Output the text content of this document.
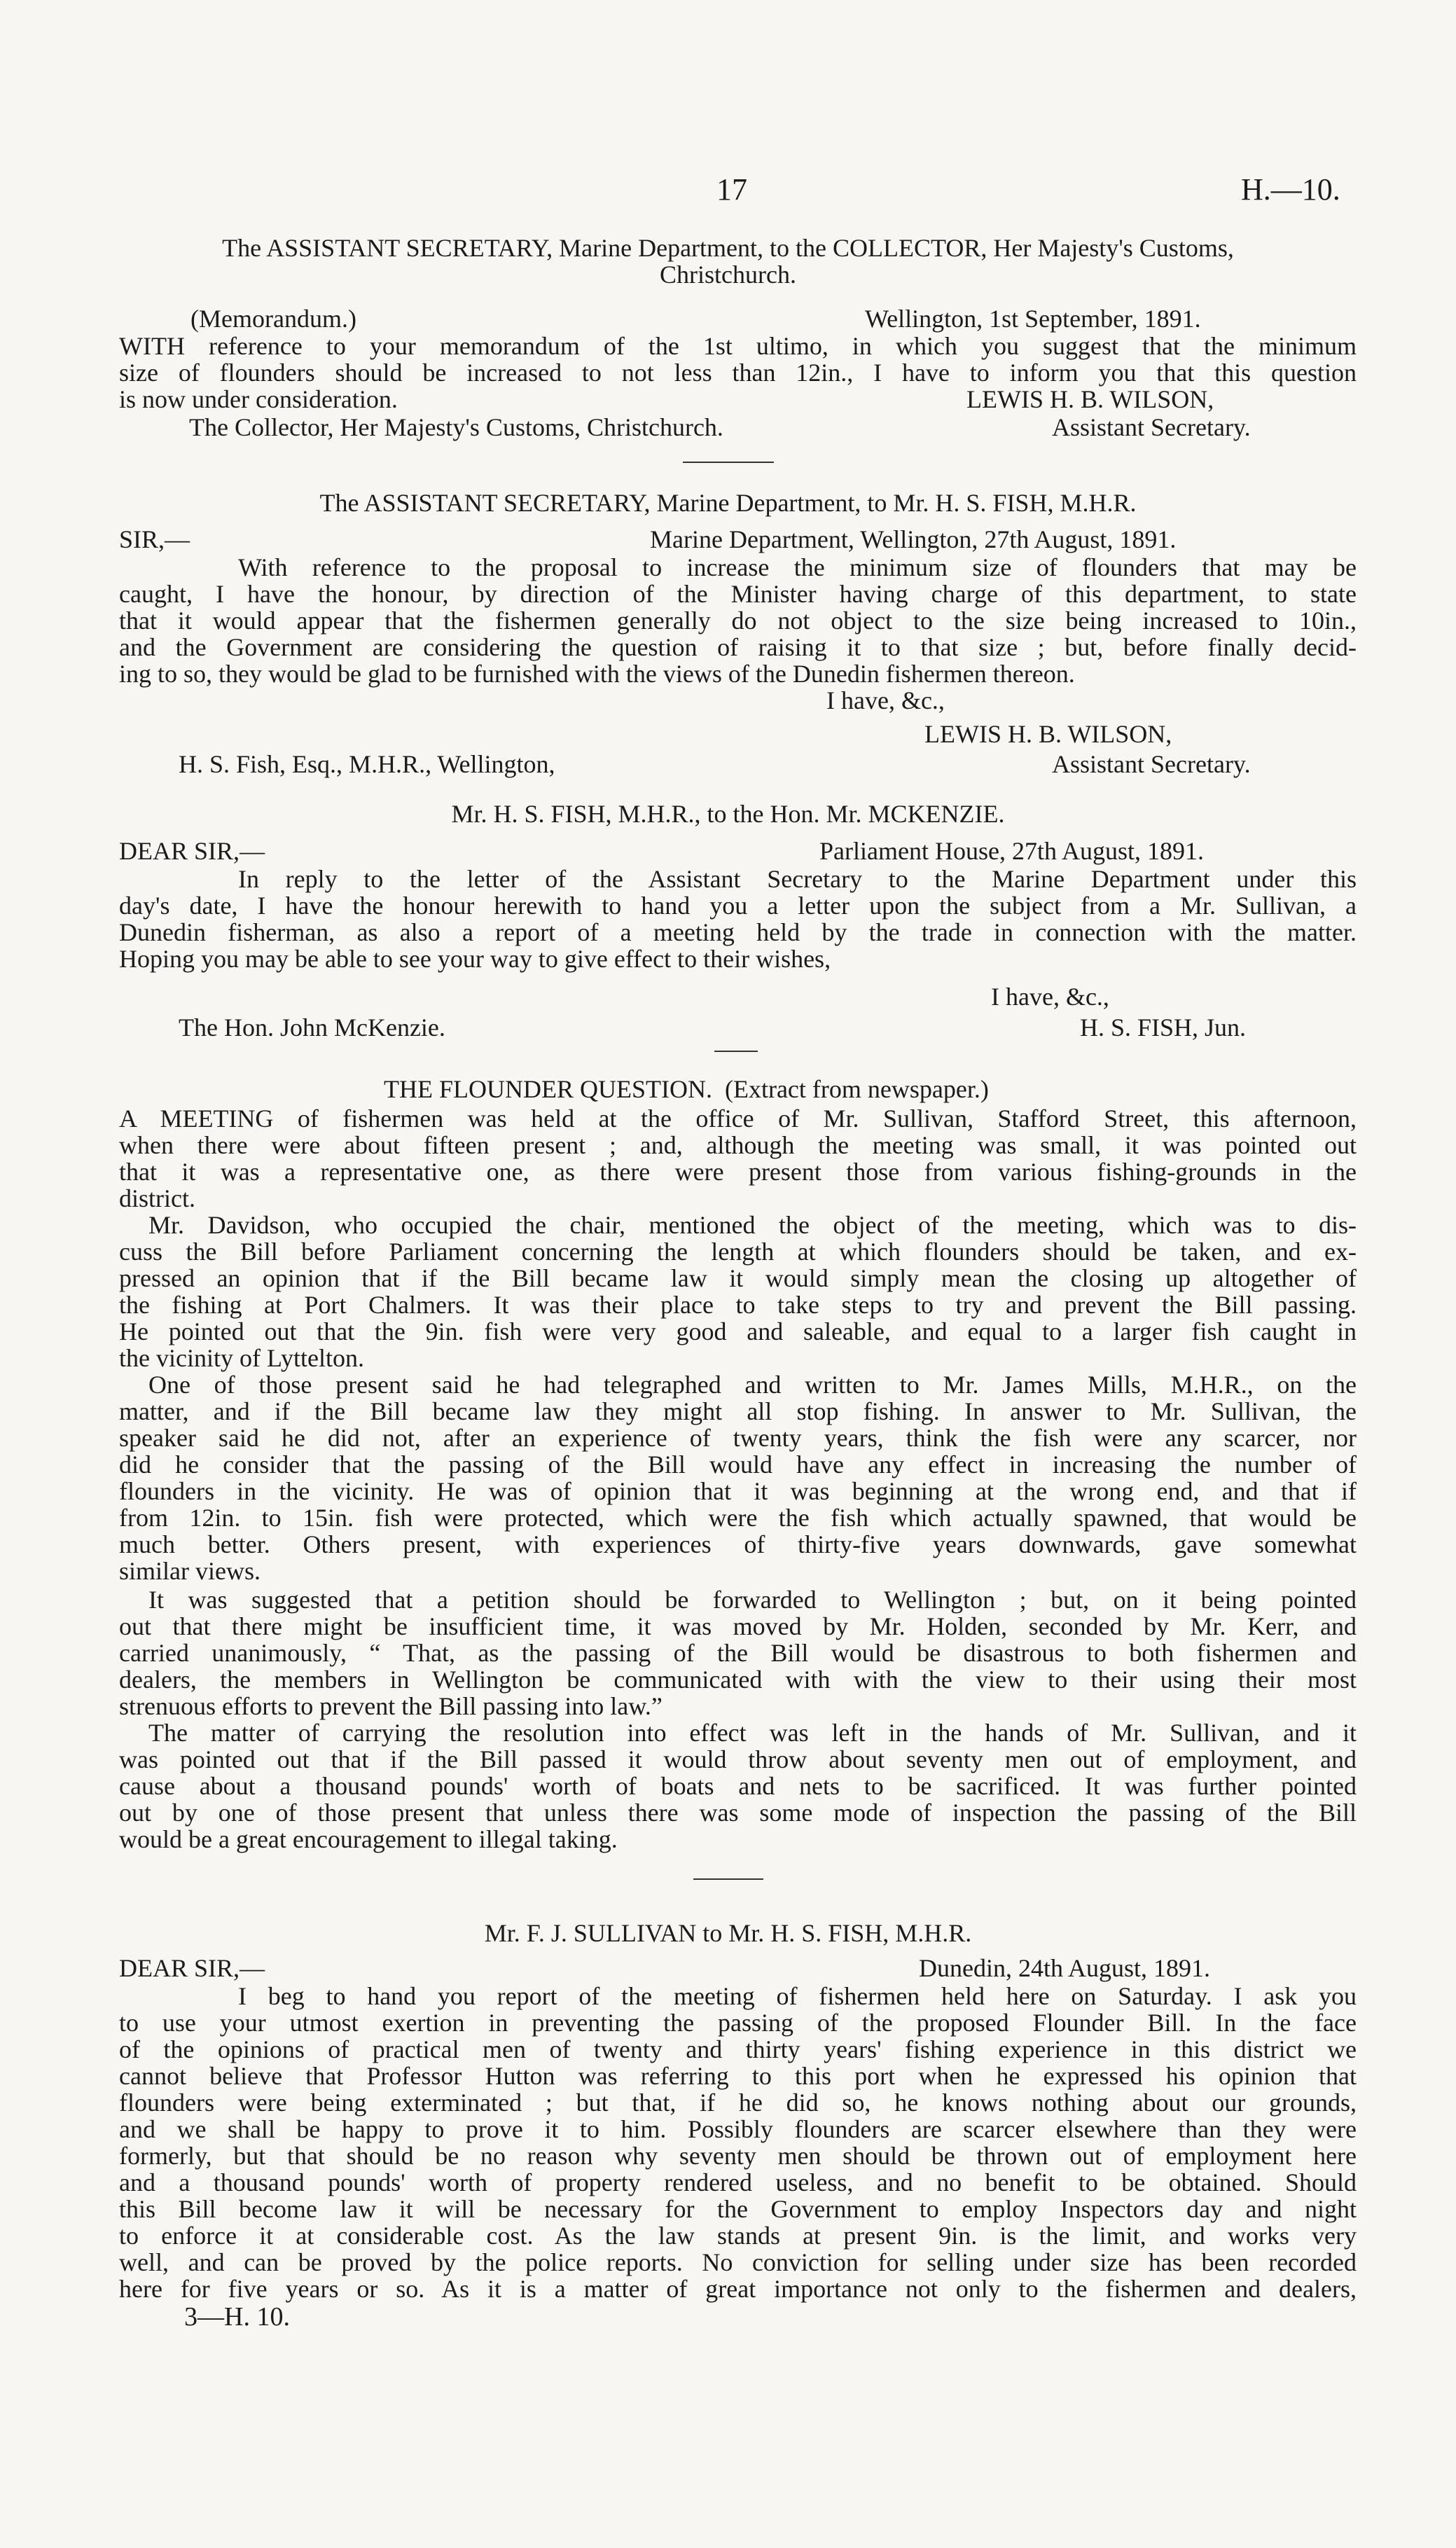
17	H.—10.
The ASSISTANT SECRETARY, Marine Department, to the COLLECTOR, Her Majesty's Customs,
Christchurch.
(Memorandum.)	Wellington, 1st September, 1891.
WITH reference to your memorandum of the 1st ultimo, in which you suggest that the minimum
size of flounders should be increased to not less than 12in., I have to inform you that this question
is now under consideration.	LEWIS H. B. WILSON,
The Collector, Her Majesty's Customs, Christchurch.	Assistant Secretary.
The ASSISTANT SECRETARY, Marine Department, to Mr. H. S. FISH, M.H.R.
SIR,—	Marine Department, Wellington, 27th August, 1891.
With reference to the proposal to increase the minimum size of flounders that may be
caught, I have the honour, by direction of the Minister having charge of this department, to state
that it would appear that the fishermen generally do not object to the size being increased to 10in.,
and the Government are considering the question of raising it to that size ; but, before finally decid-
ing to so, they would be glad to be furnished with the views of the Dunedin fishermen thereon.
I have, &c.,
LEWIS H. B. WILSON,
H. S. Fish, Esq., M.H.R., Wellington,	Assistant Secretary.
Mr. H. S. FISH, M.H.R., to the Hon. Mr. MCKENZIE.
DEAR SIR,—	Parliament House, 27th August, 1891.
In reply to the letter of the Assistant Secretary to the Marine Department under this
day's date, I have the honour herewith to hand you a letter upon the subject from a Mr. Sullivan, a
Dunedin fisherman, as also a report of a meeting held by the trade in connection with the matter.
Hoping you may be able to see your way to give effect to their wishes,
I have, &c.,
The Hon. John McKenzie.	H. S. FISH, Jun.
THE FLOUNDER QUESTION. (Extract from newspaper.)
A MEETING of fishermen was held at the office of Mr. Sullivan, Stafford Street, this afternoon,
when there were about fifteen present ; and, although the meeting was small, it was pointed out
that it was a representative one, as there were present those from various fishing-grounds in the
district.
Mr. Davidson, who occupied the chair, mentioned the object of the meeting, which was to dis-
cuss the Bill before Parliament concerning the length at which flounders should be taken, and ex-
pressed an opinion that if the Bill became law it would simply mean the closing up altogether of
the fishing at Port Chalmers. It was their place to take steps to try and prevent the Bill passing.
He pointed out that the 9in. fish were very good and saleable, and equal to a larger fish caught in
the vicinity of Lyttelton.
One of those present said he had telegraphed and written to Mr. James Mills, M.H.R., on the
matter, and if the Bill became law they might all stop fishing. In answer to Mr. Sullivan, the
speaker said he did not, after an experience of twenty years, think the fish were any scarcer, nor
did he consider that the passing of the Bill would have any effect in increasing the number of
flounders in the vicinity. He was of opinion that it was beginning at the wrong end, and that if
from 12in. to 15in. fish were protected, which were the fish which actually spawned, that would be
much better. Others present, with experiences of thirty-five years downwards, gave somewhat
similar views.
It was suggested that a petition should be forwarded to Wellington ; but, on it being pointed
out that there might be insufficient time, it was moved by Mr. Holden, seconded by Mr. Kerr, and
carried unanimously, “ That, as the passing of the Bill would be disastrous to both fishermen and
dealers, the members in Wellington be communicated with with the view to their using their most
strenuous efforts to prevent the Bill passing into law.”
The matter of carrying the resolution into effect was left in the hands of Mr. Sullivan, and it
was pointed out that if the Bill passed it would throw about seventy men out of employment, and
cause about a thousand pounds' worth of boats and nets to be sacrificed. It was further pointed
out by one of those present that unless there was some mode of inspection the passing of the Bill
would be a great encouragement to illegal taking.
Mr. F. J. SULLIVAN to Mr. H. S. FISH, M.H.R.
DEAR SIR,—	Dunedin, 24th August, 1891.
I beg to hand you report of the meeting of fishermen held here on Saturday. I ask you
to use your utmost exertion in preventing the passing of the proposed Flounder Bill. In the face
of the opinions of practical men of twenty and thirty years' fishing experience in this district we
cannot believe that Professor Hutton was referring to this port when he expressed his opinion that
flounders were being exterminated ; but that, if he did so, he knows nothing about our grounds,
and we shall be happy to prove it to him. Possibly flounders are scarcer elsewhere than they were
formerly, but that should be no reason why seventy men should be thrown out of employment here
and a thousand pounds' worth of property rendered useless, and no benefit to be obtained. Should
this Bill become law it will be necessary for the Government to employ Inspectors day and night
to enforce it at considerable cost. As the law stands at present 9in. is the limit, and works very
well, and can be proved by the police reports. No conviction for selling under size has been recorded
here for five years or so. As it is a matter of great importance not only to the fishermen and dealers,
3—H. 10.
